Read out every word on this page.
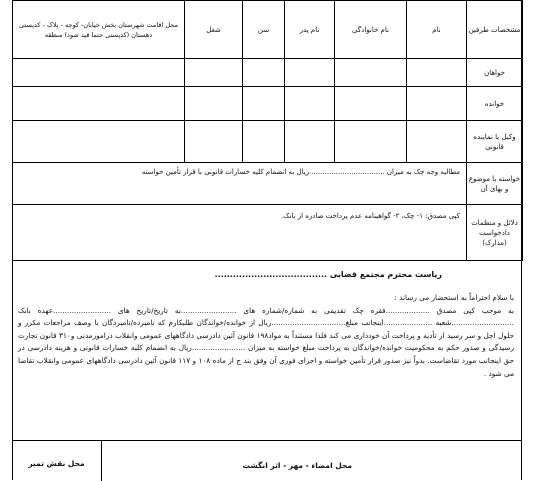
مشخصات طرفین	نام	نام خانوادگی	نام پدر	سن	شغل	محل اقامت شهرستان بخش خیابان- کوچه - پلاک - کدپستی دهستان (کدپستی حتما قید شود) منطقه
خواهان						
خوانده						
وکیل یا نماینده قانونی						
خواسته یا موضوع و بهای آن	مطالبه وجه چک به میزان ..................................ریال به انضمام کلیه خسارات قانونی با قرار تأمین خواسته					
دلائل و منظمات دادخواست (مدارک)	کپی مصدق: ۱- چک، ۲- گواهینامه عدم پرداخت صادره از بانک.					
ریاست محترم مجتمع قضایی .....................................

با سلام احتراماً به استحضار می رساند :

به موجب کپی مصدق ...................فقره چک تقدیمی به شماره/شماره های ........................به تاریخ/تاریخ های .........................عهده بانک ...........................شعبه .....................اینجانب مبلغ................................ریال از خوانده/خواندگان طلبکارم که نامبرده/نامبردگان با وصف مراجعات مکرر و حلول اجل و سر رسید از تأدیه و پرداخت آن خودداری می کند فلذا مستنداً به مواد۱۹۸ قانون آئین دادرسی دادگاههای عمومی وانقلاب درامورمدنی و۳۱۰ قانون تجارت رسیدگی و صدور حکم به محکومیت خوانده/خواندگان به پرداخت مبلغ خواسته به میزان .......................ریال به انضمام کلیه خسارات قانونی و هزینه دادرسی در حق اینجانب مورد تقاضاست. بدواً نیز صدور قرار تأمین خواسته و اجرای فوری آن وفق بند ج از ماده ۱۰۸ و ۱۱۷ قانون آئین دادرسی دادگاههای عمومی وانقلاب تقاضا می شود .

محل امضاء - مهر - اثر انگشت
محل نقش تمبر
